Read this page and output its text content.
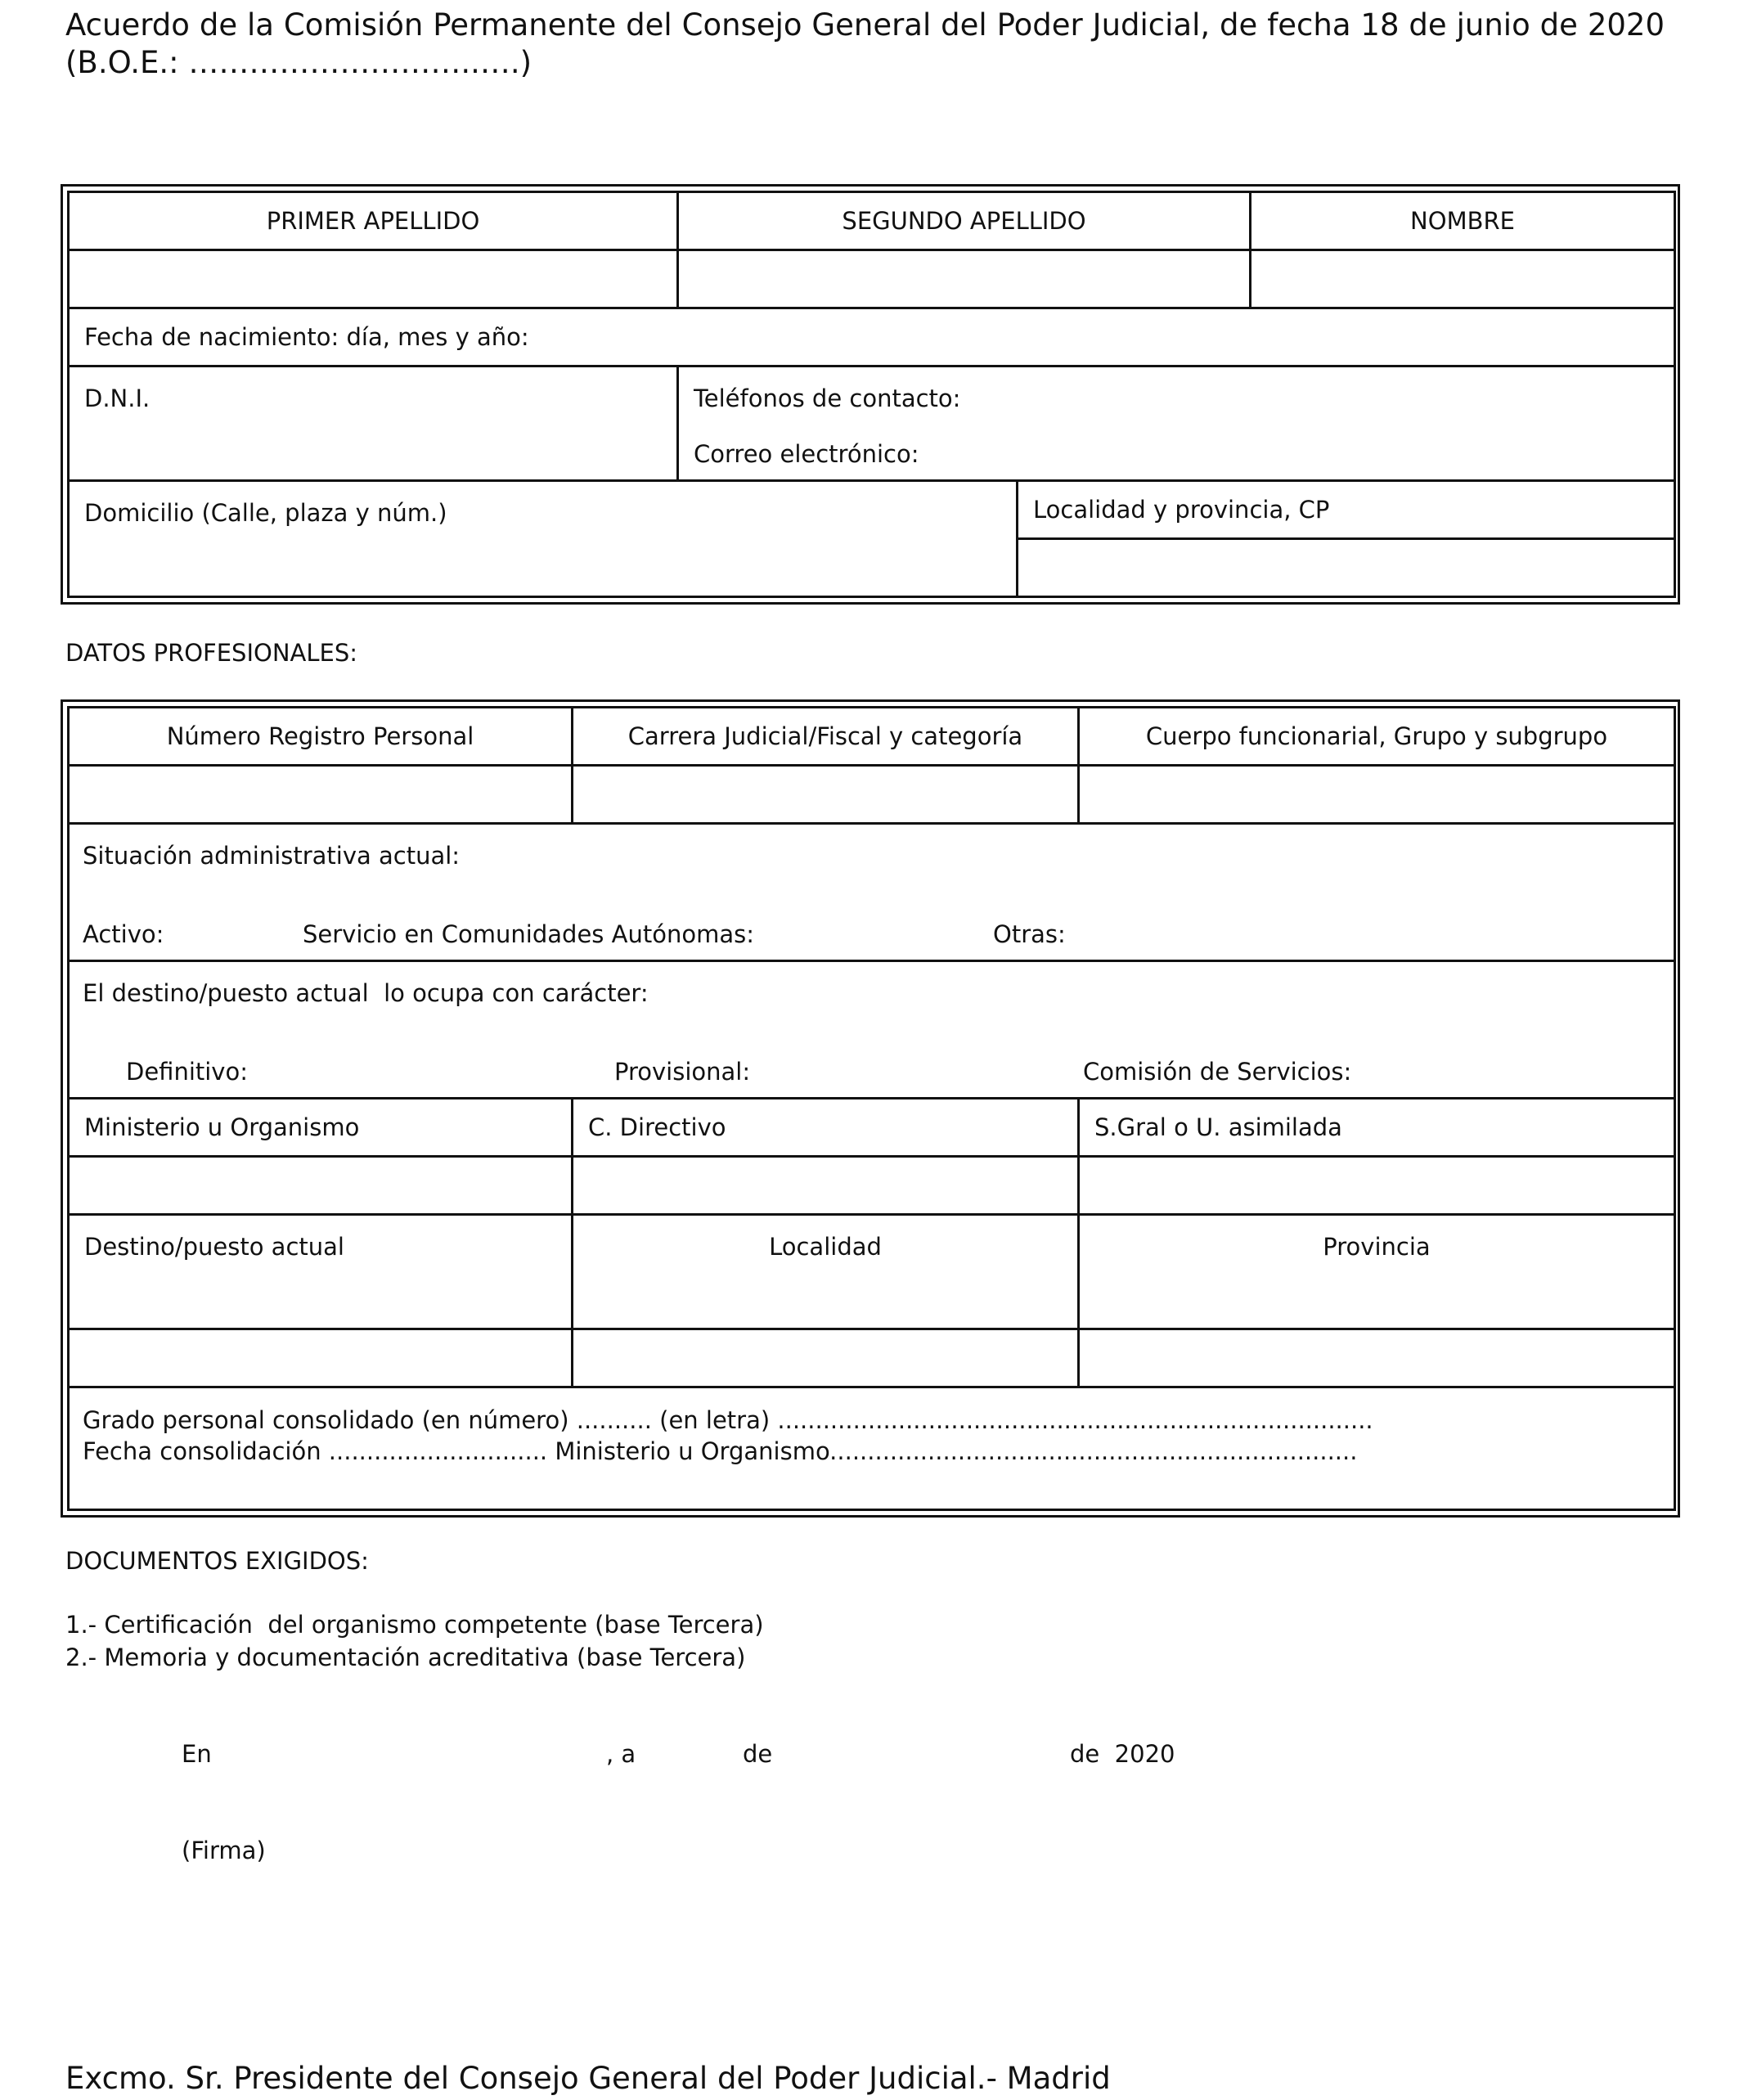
Acuerdo de la Comisión Permanente del Consejo General del Poder Judicial, de fecha 18 de junio de 2020 (B.O.E.: ………………………..….)
PRIMER APELLIDO	SEGUNDO APELLIDO		NOMBRE

Fecha de nacimiento: día, mes y año:			
D.N.I.	Teléfonos de contacto:
Correo electrónico:		

Domicilio (Calle, plaza y núm.)		Localidad y provincia, CP	

DATOS PROFESIONALES:
Número Registro Personal	Carrera Judicial/Fiscal y categoría	Cuerpo funcionarial, Grupo y subgrupo

Situación administrativa actual:
Activo: Servicio en Comunidades Autónomas: Otras:		

El destino/puesto actual  lo ocupa con carácter:
Definitivo: Provisional: Comisión de Servicios:		

Ministerio u Organismo	C. Directivo	S.Gral o U. asimilada

Destino/puesto actual	Localidad	Provincia

Grado personal consolidado (en número) .......... (en letra) ...............................................................................
Fecha consolidación ............................. Ministerio u Organismo......................................................................		
DOCUMENTOS EXIGIDOS:
1.- Certificación  del organismo competente (base Tercera)
2.- Memoria y documentación acreditativa (base Tercera)
En	, a	de	de  2020
(Firma)
Excmo. Sr. Presidente del Consejo General del Poder Judicial.- Madrid
